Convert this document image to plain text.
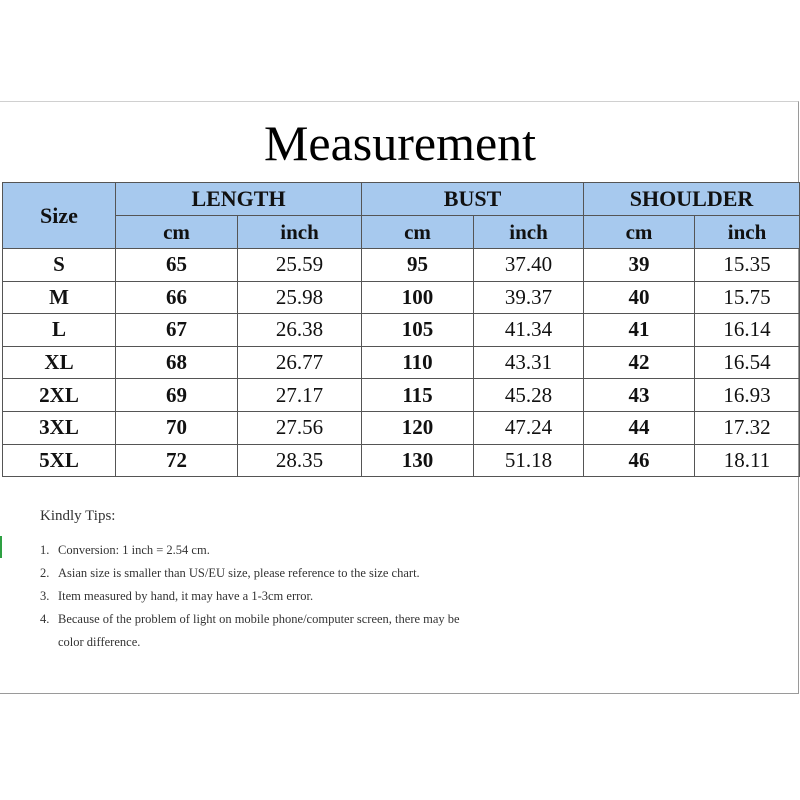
Measurement
Size	LENGTH		BUST		SHOULDER	
	cm	inch	cm	inch	cm	inch
S	65	25.59	95	37.40	39	15.35
M	66	25.98	100	39.37	40	15.75
L	67	26.38	105	41.34	41	16.14
XL	68	26.77	110	43.31	42	16.54
2XL	69	27.17	115	45.28	43	16.93
3XL	70	27.56	120	47.24	44	17.32
5XL	72	28.35	130	51.18	46	18.11
Kindly Tips:
1. Conversion: 1 inch = 2.54 cm.
2. Asian size is smaller than US/EU size, please reference to the size chart.
3. Item measured by hand, it may have a 1-3cm error.
4. Because of the problem of light on mobile phone/computer screen, there may be color difference.
